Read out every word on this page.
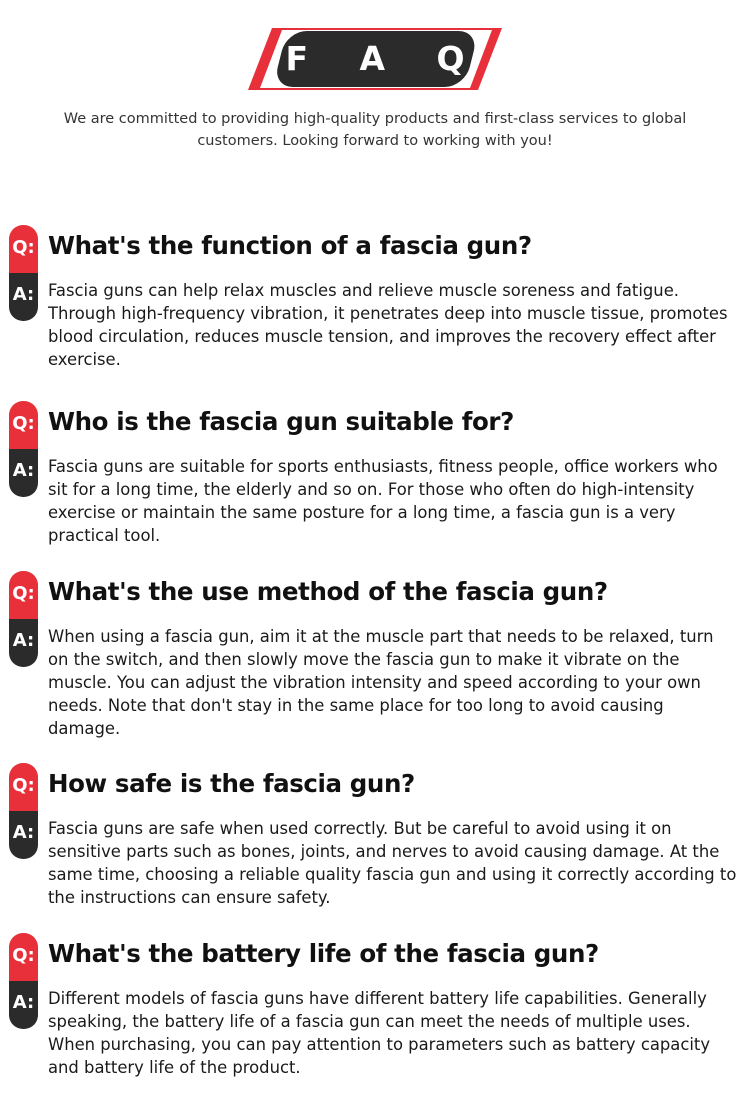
F A Q
We are committed to providing high-quality products and first-class services to global customers. Looking forward to working with you!
Q:
A:
What's the function of a fascia gun?
Fascia guns can help relax muscles and relieve muscle soreness and fatigue. Through high-frequency vibration, it penetrates deep into muscle tissue, promotes blood circulation, reduces muscle tension, and improves the recovery effect after exercise.
Q:
A:
Who is the fascia gun suitable for?
Fascia guns are suitable for sports enthusiasts, fitness people, office workers who sit for a long time, the elderly and so on. For those who often do high-intensity exercise or maintain the same posture for a long time, a fascia gun is a very practical tool.
Q:
A:
What's the use method of the fascia gun?
When using a fascia gun, aim it at the muscle part that needs to be relaxed, turn on the switch, and then slowly move the fascia gun to make it vibrate on the muscle. You can adjust the vibration intensity and speed according to your own needs. Note that don't stay in the same place for too long to avoid causing damage.
Q:
A:
How safe is the fascia gun?
Fascia guns are safe when used correctly. But be careful to avoid using it on sensitive parts such as bones, joints, and nerves to avoid causing damage. At the same time, choosing a reliable quality fascia gun and using it correctly according to the instructions can ensure safety.
Q:
A:
What's the battery life of the fascia gun?
Different models of fascia guns have different battery life capabilities. Generally speaking, the battery life of a fascia gun can meet the needs of multiple uses. When purchasing, you can pay attention to parameters such as battery capacity and battery life of the product.
